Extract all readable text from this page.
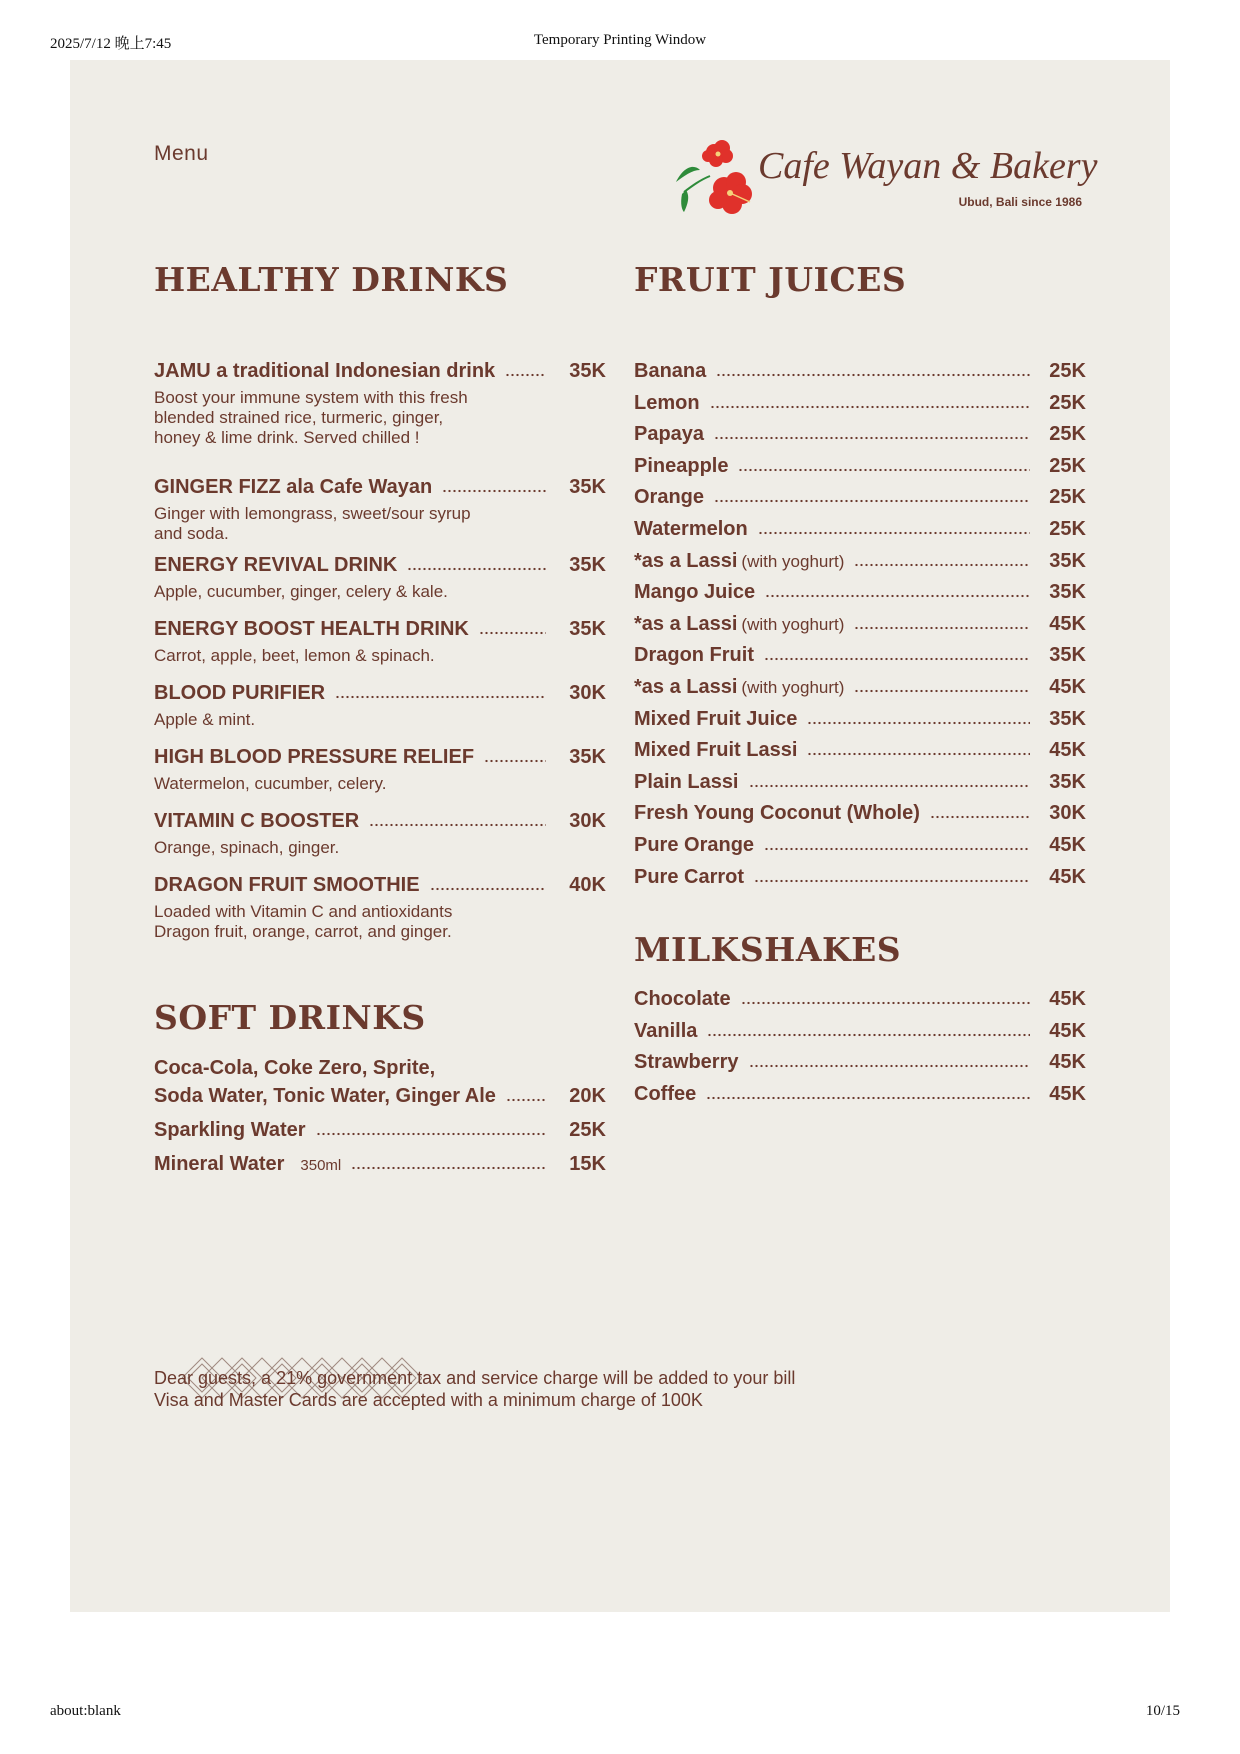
2025/7/12 晚上7:45	Temporary Printing Window
Menu	Cafe Wayan & Bakery
Ubud, Bali since 1986
HEALTHY DRINKS
JAMU a traditional Indonesian drink	35K
Boost your immune system with this fresh blended strained rice, turmeric, ginger, honey & lime drink. Served chilled !
GINGER FIZZ ala Cafe Wayan	35K
Ginger with lemongrass, sweet/sour syrup and soda.
ENERGY REVIVAL DRINK	35K
Apple, cucumber, ginger, celery & kale.
ENERGY BOOST HEALTH DRINK	35K
Carrot, apple, beet, lemon & spinach.
BLOOD PURIFIER	30K
Apple & mint.
HIGH BLOOD PRESSURE RELIEF	35K
Watermelon, cucumber, celery.
VITAMIN C BOOSTER	30K
Orange, spinach, ginger.
DRAGON FRUIT SMOOTHIE	40K
Loaded with Vitamin C and antioxidants Dragon fruit, orange, carrot, and ginger.
SOFT DRINKS
Coca-Cola, Coke Zero, Sprite,
Soda Water, Tonic Water, Ginger Ale	20K
Sparkling Water	25K
Mineral Water 350ml	15K
FRUIT JUICES
Banana	25K
Lemon	25K
Papaya	25K
Pineapple	25K
Orange	25K
Watermelon	25K
*as a Lassi (with yoghurt)	35K
Mango Juice	35K
*as a Lassi (with yoghurt)	45K
Dragon Fruit	35K
*as a Lassi (with yoghurt)	45K
Mixed Fruit Juice	35K
Mixed Fruit Lassi	45K
Plain Lassi	35K
Fresh Young Coconut (Whole)	30K
Pure Orange	45K
Pure Carrot	45K
MILKSHAKES
Chocolate	45K
Vanilla	45K
Strawberry	45K
Coffee	45K
Dear guests, a 21% government tax and service charge will be added to your bill
Visa and Master Cards are accepted with a minimum charge of 100K
about:blank	10/15
